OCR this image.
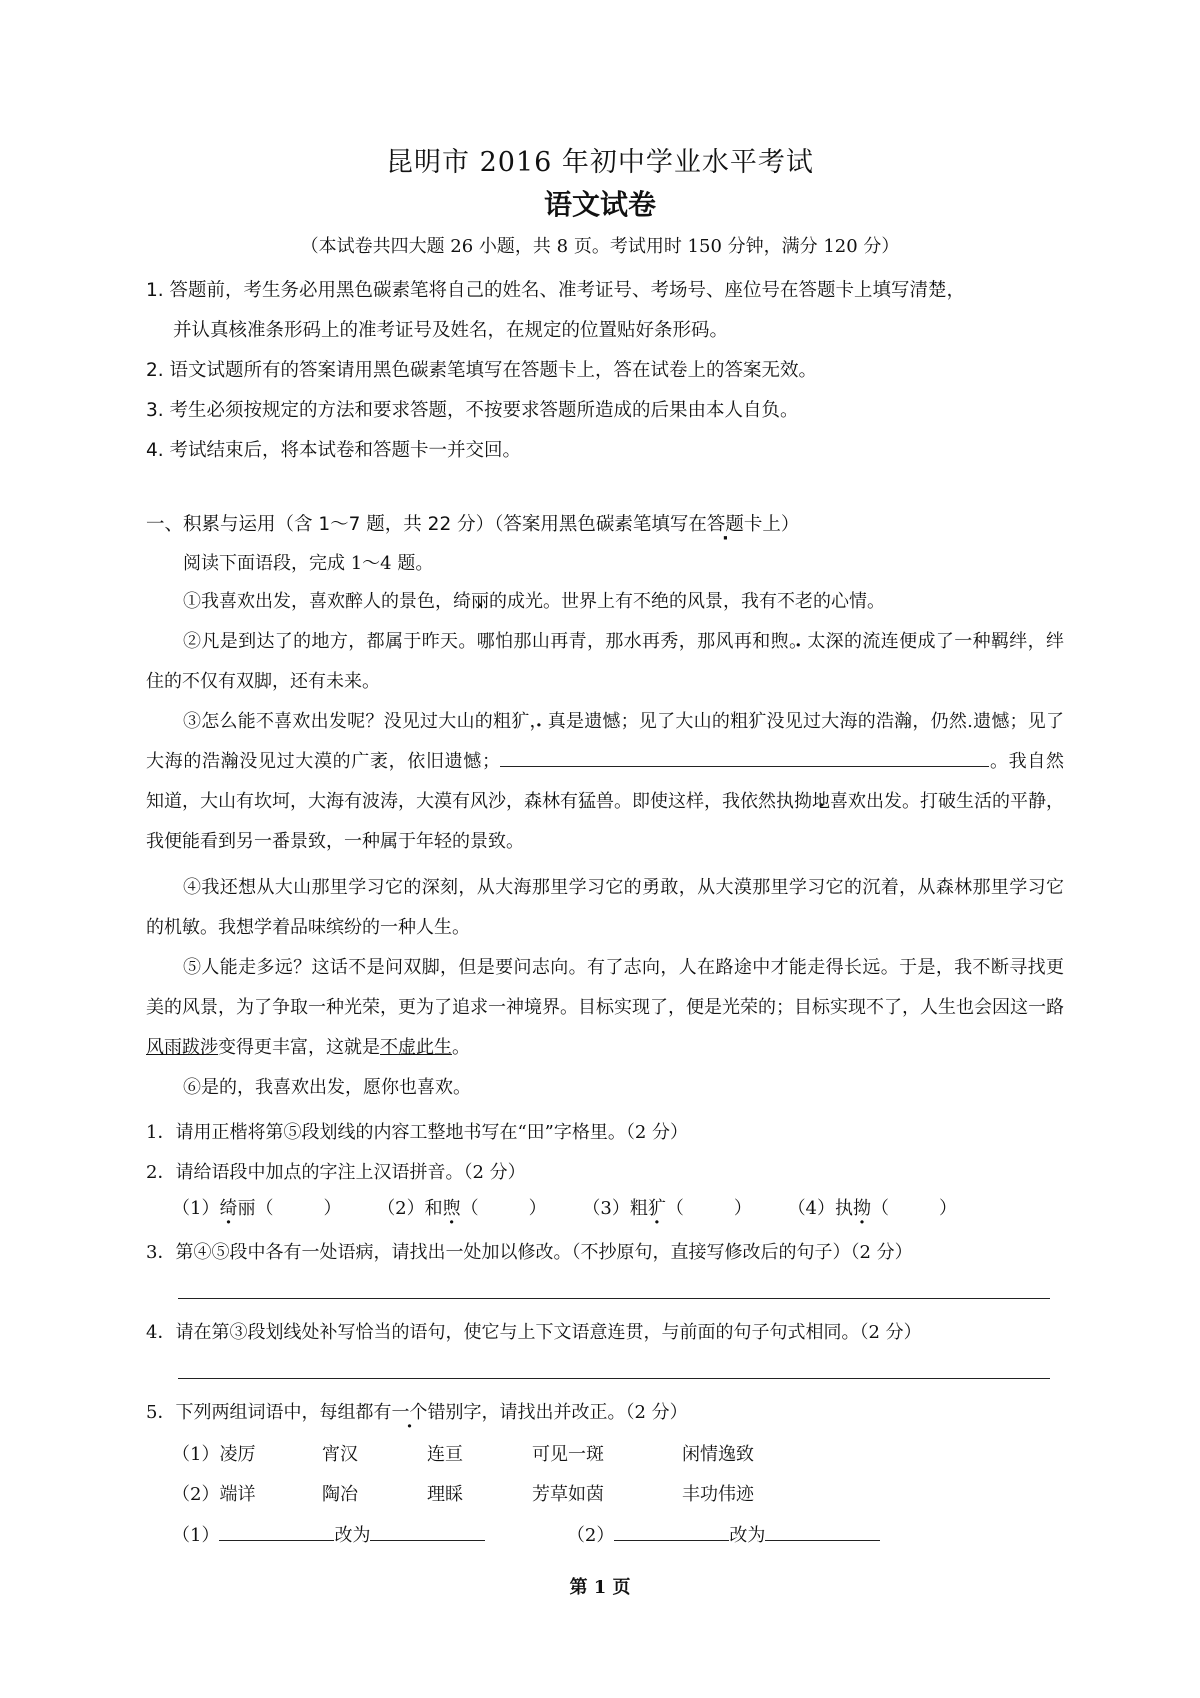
昆明市 2016 年初中学业水平考试
语文试卷
（本试卷共四大题 26 小题，共 8 页。考试用时 150 分钟，满分 120 分）
1. 答题前，考生务必用黑色碳素笔将自己的姓名、准考证号、考场号、座位号在答题卡上填写清楚，
并认真核准条形码上的准考证号及姓名，在规定的位置贴好条形码。
2. 语文试题所有的答案请用黑色碳素笔填写在答题卡上，答在试卷上的答案无效。
3. 考生必须按规定的方法和要求答题，不按要求答题所造成的后果由本人自负。
4. 考试结束后，将本试卷和答题卡一并交回。
一、积累与运用（含 1～7 题，共 22 分）（答案用黑色碳素笔填写在答题卡上）
阅读下面语段，完成 1～4 题。
①我喜欢出发，喜欢醉人的景色，绮 ·丽的成光。世界上有不绝的风景，我有不老的心情。
②凡是到达了的地方，都属于昨天。哪怕那山再青，那水再秀，那风再和煦 ·。太深的流连便成了一种羁绊，绊住的不仅有双脚，还有未来。
③怎么能不喜欢出发呢？没见过大山的粗犷 ·，真是遗憾；见了大山的粗犷没见过大海的浩瀚，仍然.遗憾；见了大海的浩瀚没见过大漠的广袤，依旧遗憾；	。我自然知道，大山有坎坷，大海有波涛，大漠有风沙，森林有猛兽。即使这样，我依然执拗 ·地喜欢出发。打破生活的平静，我便能看到另一番景致，一种属于年轻的景致。
④我还想从大山那里学习它的深刻，从大海那里学习它的勇敢，从大漠那里学习它的沉着，从森林那里学习它的机敏。我想学着品味缤纷的一种人生。
⑤人能走多远？这话不是问双脚，但是要问志向。有了志向，人在路途中才能走得长远。于是，我不断寻找更美的风景，为了争取一种光荣，更为了追求一神境界。目标实现了，便是光荣的；目标实现不了，人生也会因这一路风雨跋涉变得更丰富，这就是不虚此生。
⑥是的，我喜欢出发，愿你也喜欢。
1．请用正楷将第⑤段划线的内容工整地书写在“田”字格里。（2 分）
2．请给语段中加点的字注上汉语拼音。（2 分）
（1）绮丽（	） （2）和煦（	） （3）粗犷（	） （4）执拗（	）
3．第④⑤段中各有一处语病，请找出一处加以修改。（不抄原句，直接写修改后的句子）（2 分）
4．请在第③段划线处补写恰当的语句，使它与上下文语意连贯，与前面的句子句式相同。（2 分）
5．下列两组词语中，每组都有一个错别字，请找出并改正。（2 分）
（1）凌厉	宵汉	连亘	可见一斑	闲情逸致
（2）端详	陶冶	理睬	芳草如茵	丰功伟迹
（1）	改为	（2）	改为
第 1 页
